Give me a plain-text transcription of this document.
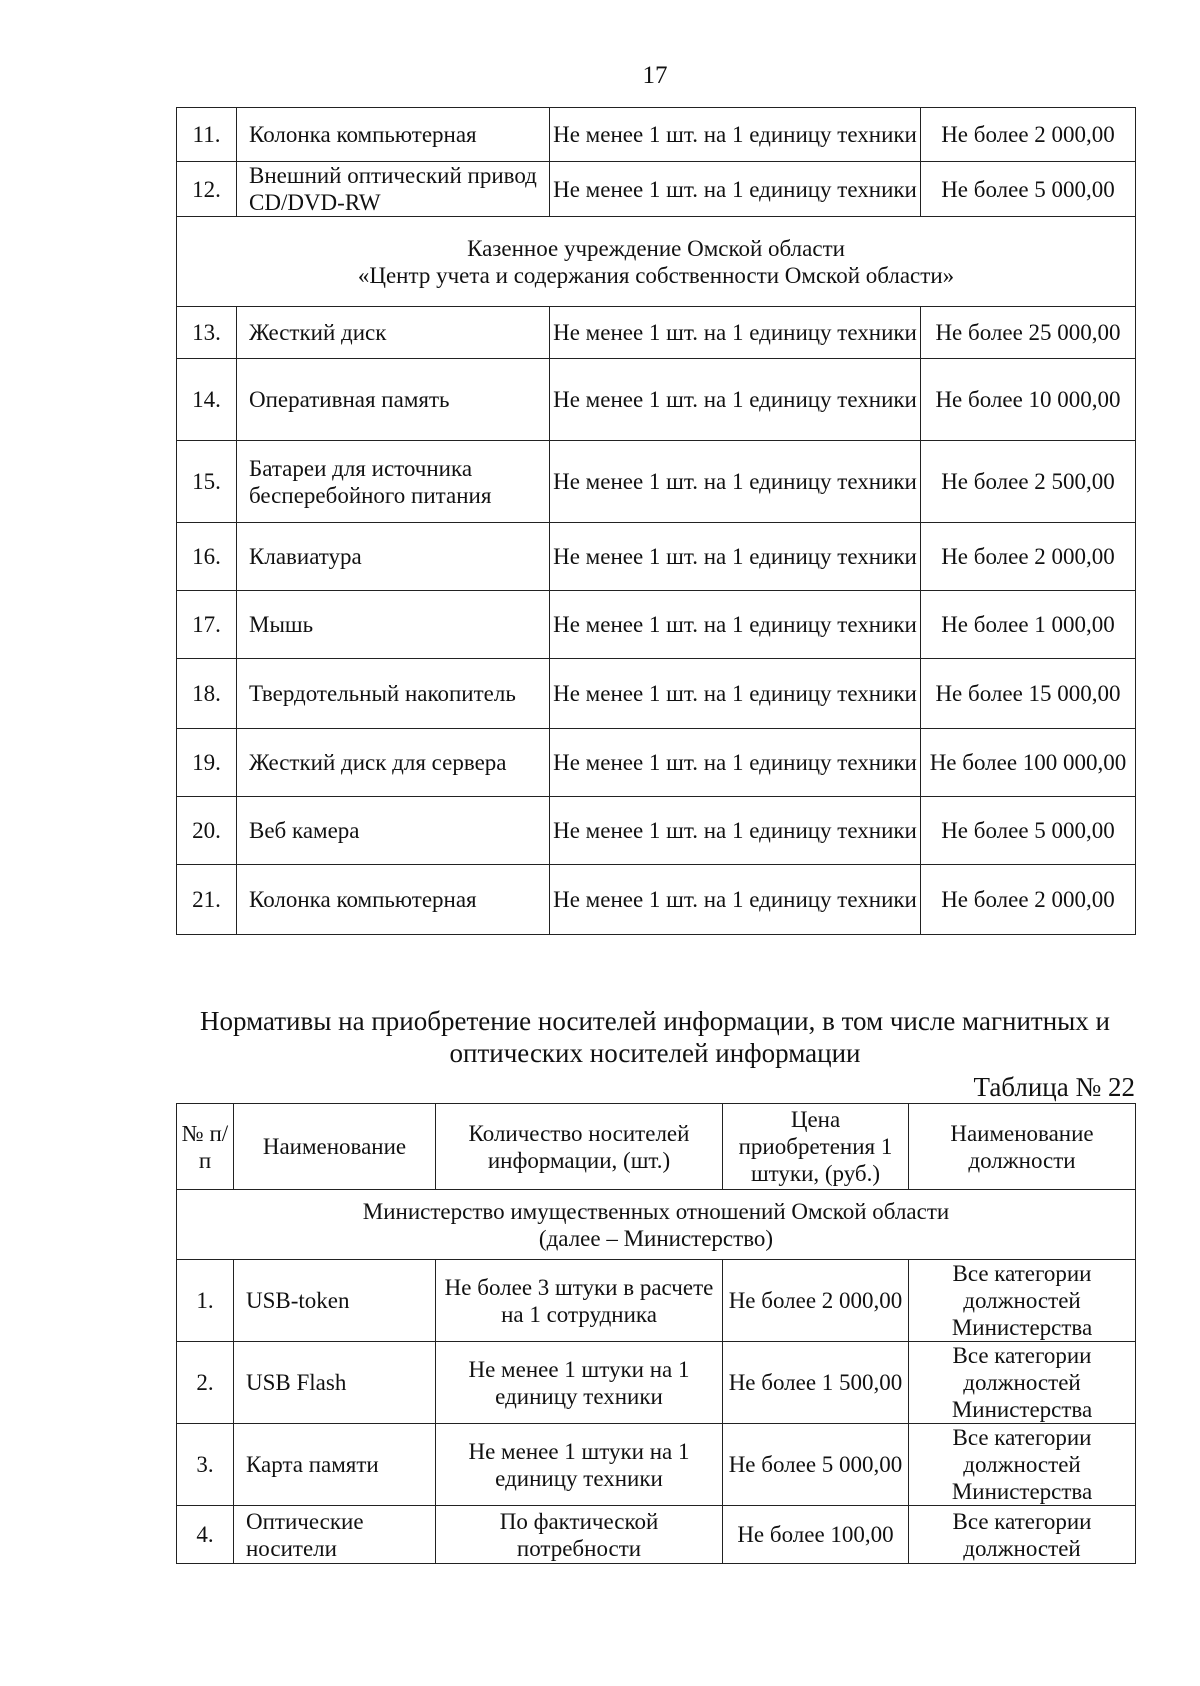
17
11.	Колонка компьютерная	Не менее 1 шт. на 1 единицу техники	Не более 2 000,00
12.	Внешний оптический привод CD/DVD-RW	Не менее 1 шт. на 1 единицу техники	Не более 5 000,00

Казенное учреждение Омской области
«Центр учета и содержания собственности Омской области»			

13.	Жесткий диск	Не менее 1 шт. на 1 единицу техники	Не более 25 000,00
14.	Оперативная память	Не менее 1 шт. на 1 единицу техники	Не более 10 000,00
15.	Батареи для источника бесперебойного питания	Не менее 1 шт. на 1 единицу техники	Не более 2 500,00
16.	Клавиатура	Не менее 1 шт. на 1 единицу техники	Не более 2 000,00
17.	Мышь	Не менее 1 шт. на 1 единицу техники	Не более 1 000,00
18.	Твердотельный накопитель	Не менее 1 шт. на 1 единицу техники	Не более 15 000,00
19.	Жесткий диск для сервера	Не менее 1 шт. на 1 единицу техники	Не более 100 000,00
20.	Веб камера	Не менее 1 шт. на 1 единицу техники	Не более 5 000,00
21.	Колонка компьютерная	Не менее 1 шт. на 1 единицу техники	Не более 2 000,00
Нормативы на приобретение носителей информации, в том числе магнитных и
оптических носителей информации
Таблица № 22
№ п/п	Наименование	Количество носителей информации, (шт.)	Цена приобретения 1 штуки, (руб.)	Наименование должности

Министерство имущественных отношений Омской области
(далее – Министерство)				

1.	USB-token	Не более 3 штуки в расчете на 1 сотрудника	Не более 2 000,00	Все категории должностей Министерства
2.	USB Flash	Не менее 1 штуки на 1 единицу техники	Не более 1 500,00	Все категории должностей Министерства
3.	Карта памяти	Не менее 1 штуки на 1 единицу техники	Не более 5 000,00	Все категории должностей Министерства
4.	Оптические носители	По фактической потребности	Не более 100,00	Все категории должностей
